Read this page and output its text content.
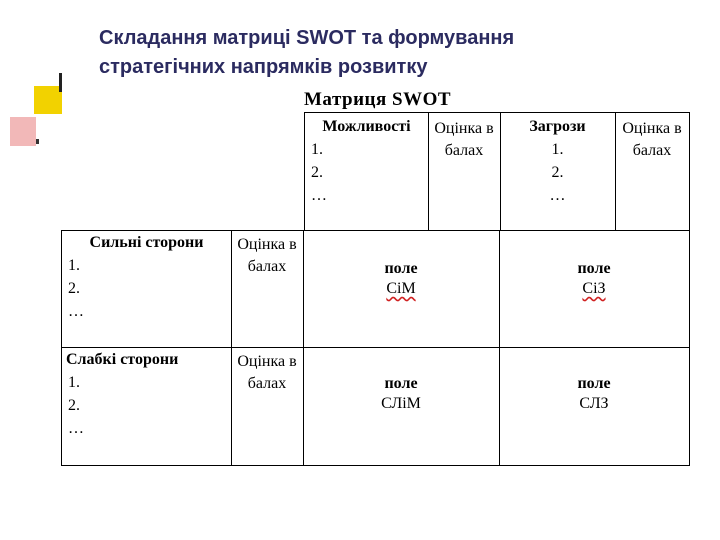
Складання матриці SWOT та формування
стратегічних напрямків розвитку
Матриця SWOT
Можливості
1.
2.
…
Оцінка в
балах
Загрози
1.
2.
…
Оцінка в
балах
Сильні сторони
1.
2.
…
Оцінка в
балах	поле
СіМ
поле
СіЗ
Слабкі сторони
1.
2.
…
Оцінка в
балах	поле
СЛіМ
поле
СЛЗ
